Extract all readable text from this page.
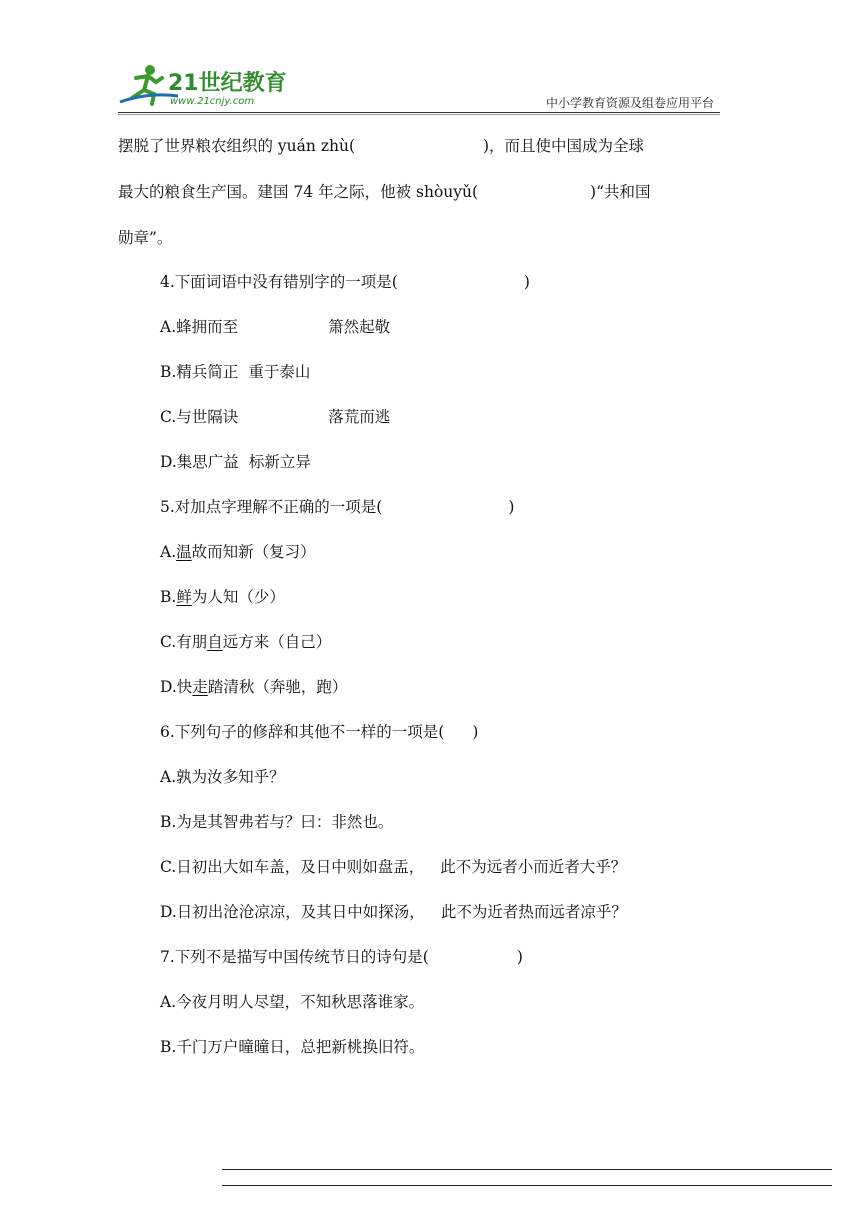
21世纪教育
www.21cnjy.com	中小学教育资源及组卷应用平台
摆脱了世界粮农组织的 yuán zhù(	)，而且使中国成为全球
最大的粮食生产国。建国 74 年之际，他被 shòuyǔ(	)“共和国
勋章”。
4.下面词语中没有错别字的一项是(	)
A.蜂拥而至	箫然起敬
B.精兵简正 重于泰山
C.与世隔诀	落荒而逃
D.集思广益 标新立异
5.对加点字理解不正确的一项是(	)
A.温故而知新（复习）
B.鲜为人知（少）
C.有朋自远方来（自己）
D.快走踏清秋（奔驰，跑）
6.下列句子的修辞和其他不一样的一项是( )
A.孰为汝多知乎？
B.为是其智弗若与？曰：非然也。
C.日初出大如车盖，及日中则如盘盂， 此不为远者小而近者大乎？
D.日初出沧沧凉凉，及其日中如探汤， 此不为近者热而远者凉乎？
7.下列不是描写中国传统节日的诗句是(	)
A.今夜月明人尽望，不知秋思落谁家。
B.千门万户曈曈日，总把新桃换旧符。
